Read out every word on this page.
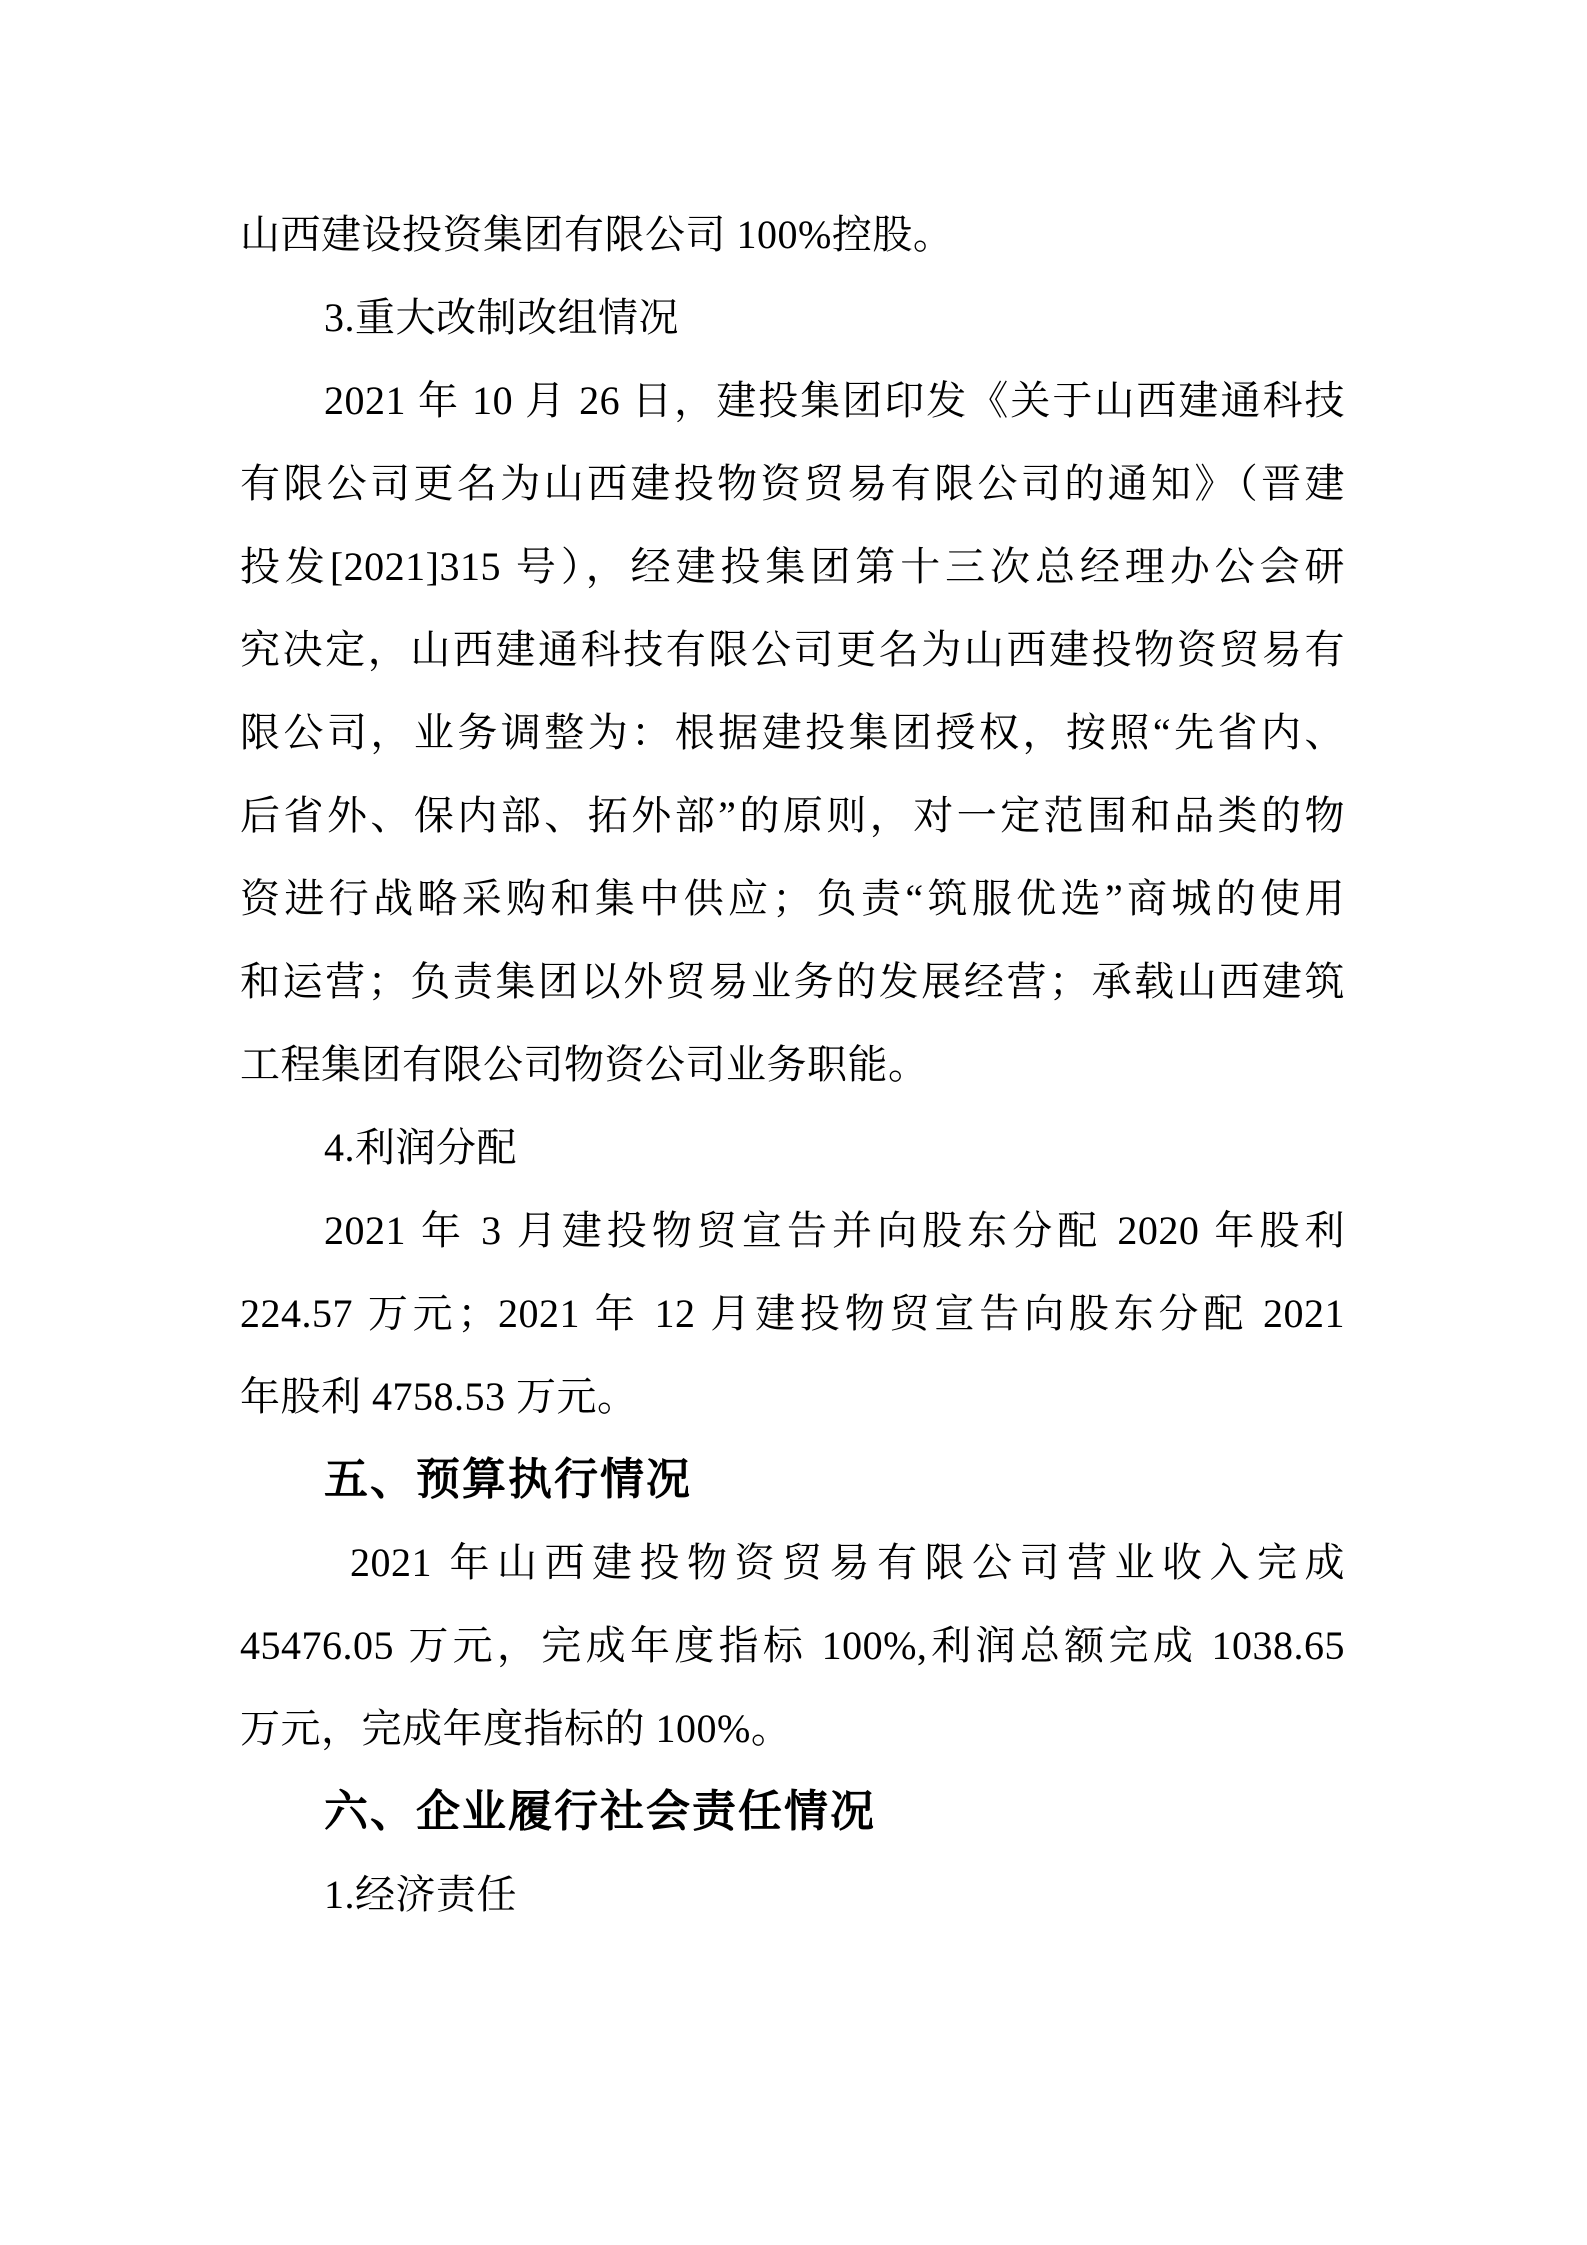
山西建设投资集团有限公司 100%控股。
3.重大改制改组情况
2021 年 10 月 26 日，建投集团印发《关于山西建通科技
有限公司更名为山西建投物资贸易有限公司的通知》（晋建
投发[2021]315 号），经建投集团第十三次总经理办公会研
究决定，山西建通科技有限公司更名为山西建投物资贸易有
限公司，业务调整为：根据建投集团授权，按照“先省内、
后省外、保内部、拓外部”的原则，对一定范围和品类的物
资进行战略采购和集中供应；负责“筑服优选”商城的使用
和运营；负责集团以外贸易业务的发展经营；承载山西建筑
工程集团有限公司物资公司业务职能。
4.利润分配
2021 年 3 月建投物贸宣告并向股东分配 2020 年股利
224.57 万元；2021 年 12 月建投物贸宣告向股东分配 2021
年股利 4758.53 万元。
五、预算执行情况
2021 年山西建投物资贸易有限公司营业收入完成
45476.05 万元，完成年度指标 100%,利润总额完成 1038.65
万元，完成年度指标的 100%。
六、企业履行社会责任情况
1.经济责任
